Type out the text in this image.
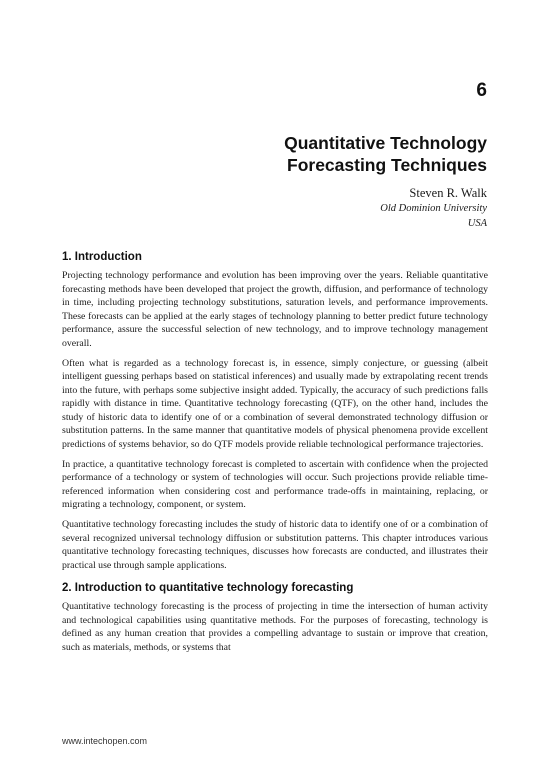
6
Quantitative Technology
Forecasting Techniques
Steven R. Walk
Old Dominion University
USA
1. Introduction

Projecting technology performance and evolution has been improving over the years. Reliable quantitative forecasting methods have been developed that project the growth, diffusion, and performance of technology in time, including projecting technology substitutions, saturation levels, and performance improvements. These forecasts can be applied at the early stages of technology planning to better predict future technology performance, assure the successful selection of new technology, and to improve technology management overall.

Often what is regarded as a technology forecast is, in essence, simply conjecture, or guessing (albeit intelligent guessing perhaps based on statistical inferences) and usually made by extrapolating recent trends into the future, with perhaps some subjective insight added. Typically, the accuracy of such predictions falls rapidly with distance in time. Quantitative technology forecasting (QTF), on the other hand, includes the study of historic data to identify one of or a combination of several demonstrated technology diffusion or substitution patterns. In the same manner that quantitative models of physical phenomena provide excellent predictions of systems behavior, so do QTF models provide reliable technological performance trajectories.

In practice, a quantitative technology forecast is completed to ascertain with confidence when the projected performance of a technology or system of technologies will occur. Such projections provide reliable time-referenced information when considering cost and performance trade-offs in maintaining, replacing, or migrating a technology, component, or system.

Quantitative technology forecasting includes the study of historic data to identify one of or a combination of several recognized universal technology diffusion or substitution patterns. This chapter introduces various quantitative technology forecasting techniques, discusses how forecasts are conducted, and illustrates their practical use through sample applications.

2. Introduction to quantitative technology forecasting

Quantitative technology forecasting is the process of projecting in time the intersection of human activity and technological capabilities using quantitative methods. For the purposes of forecasting, technology is defined as any human creation that provides a compelling advantage to sustain or improve that creation, such as materials, methods, or systems that

www.intechopen.com
